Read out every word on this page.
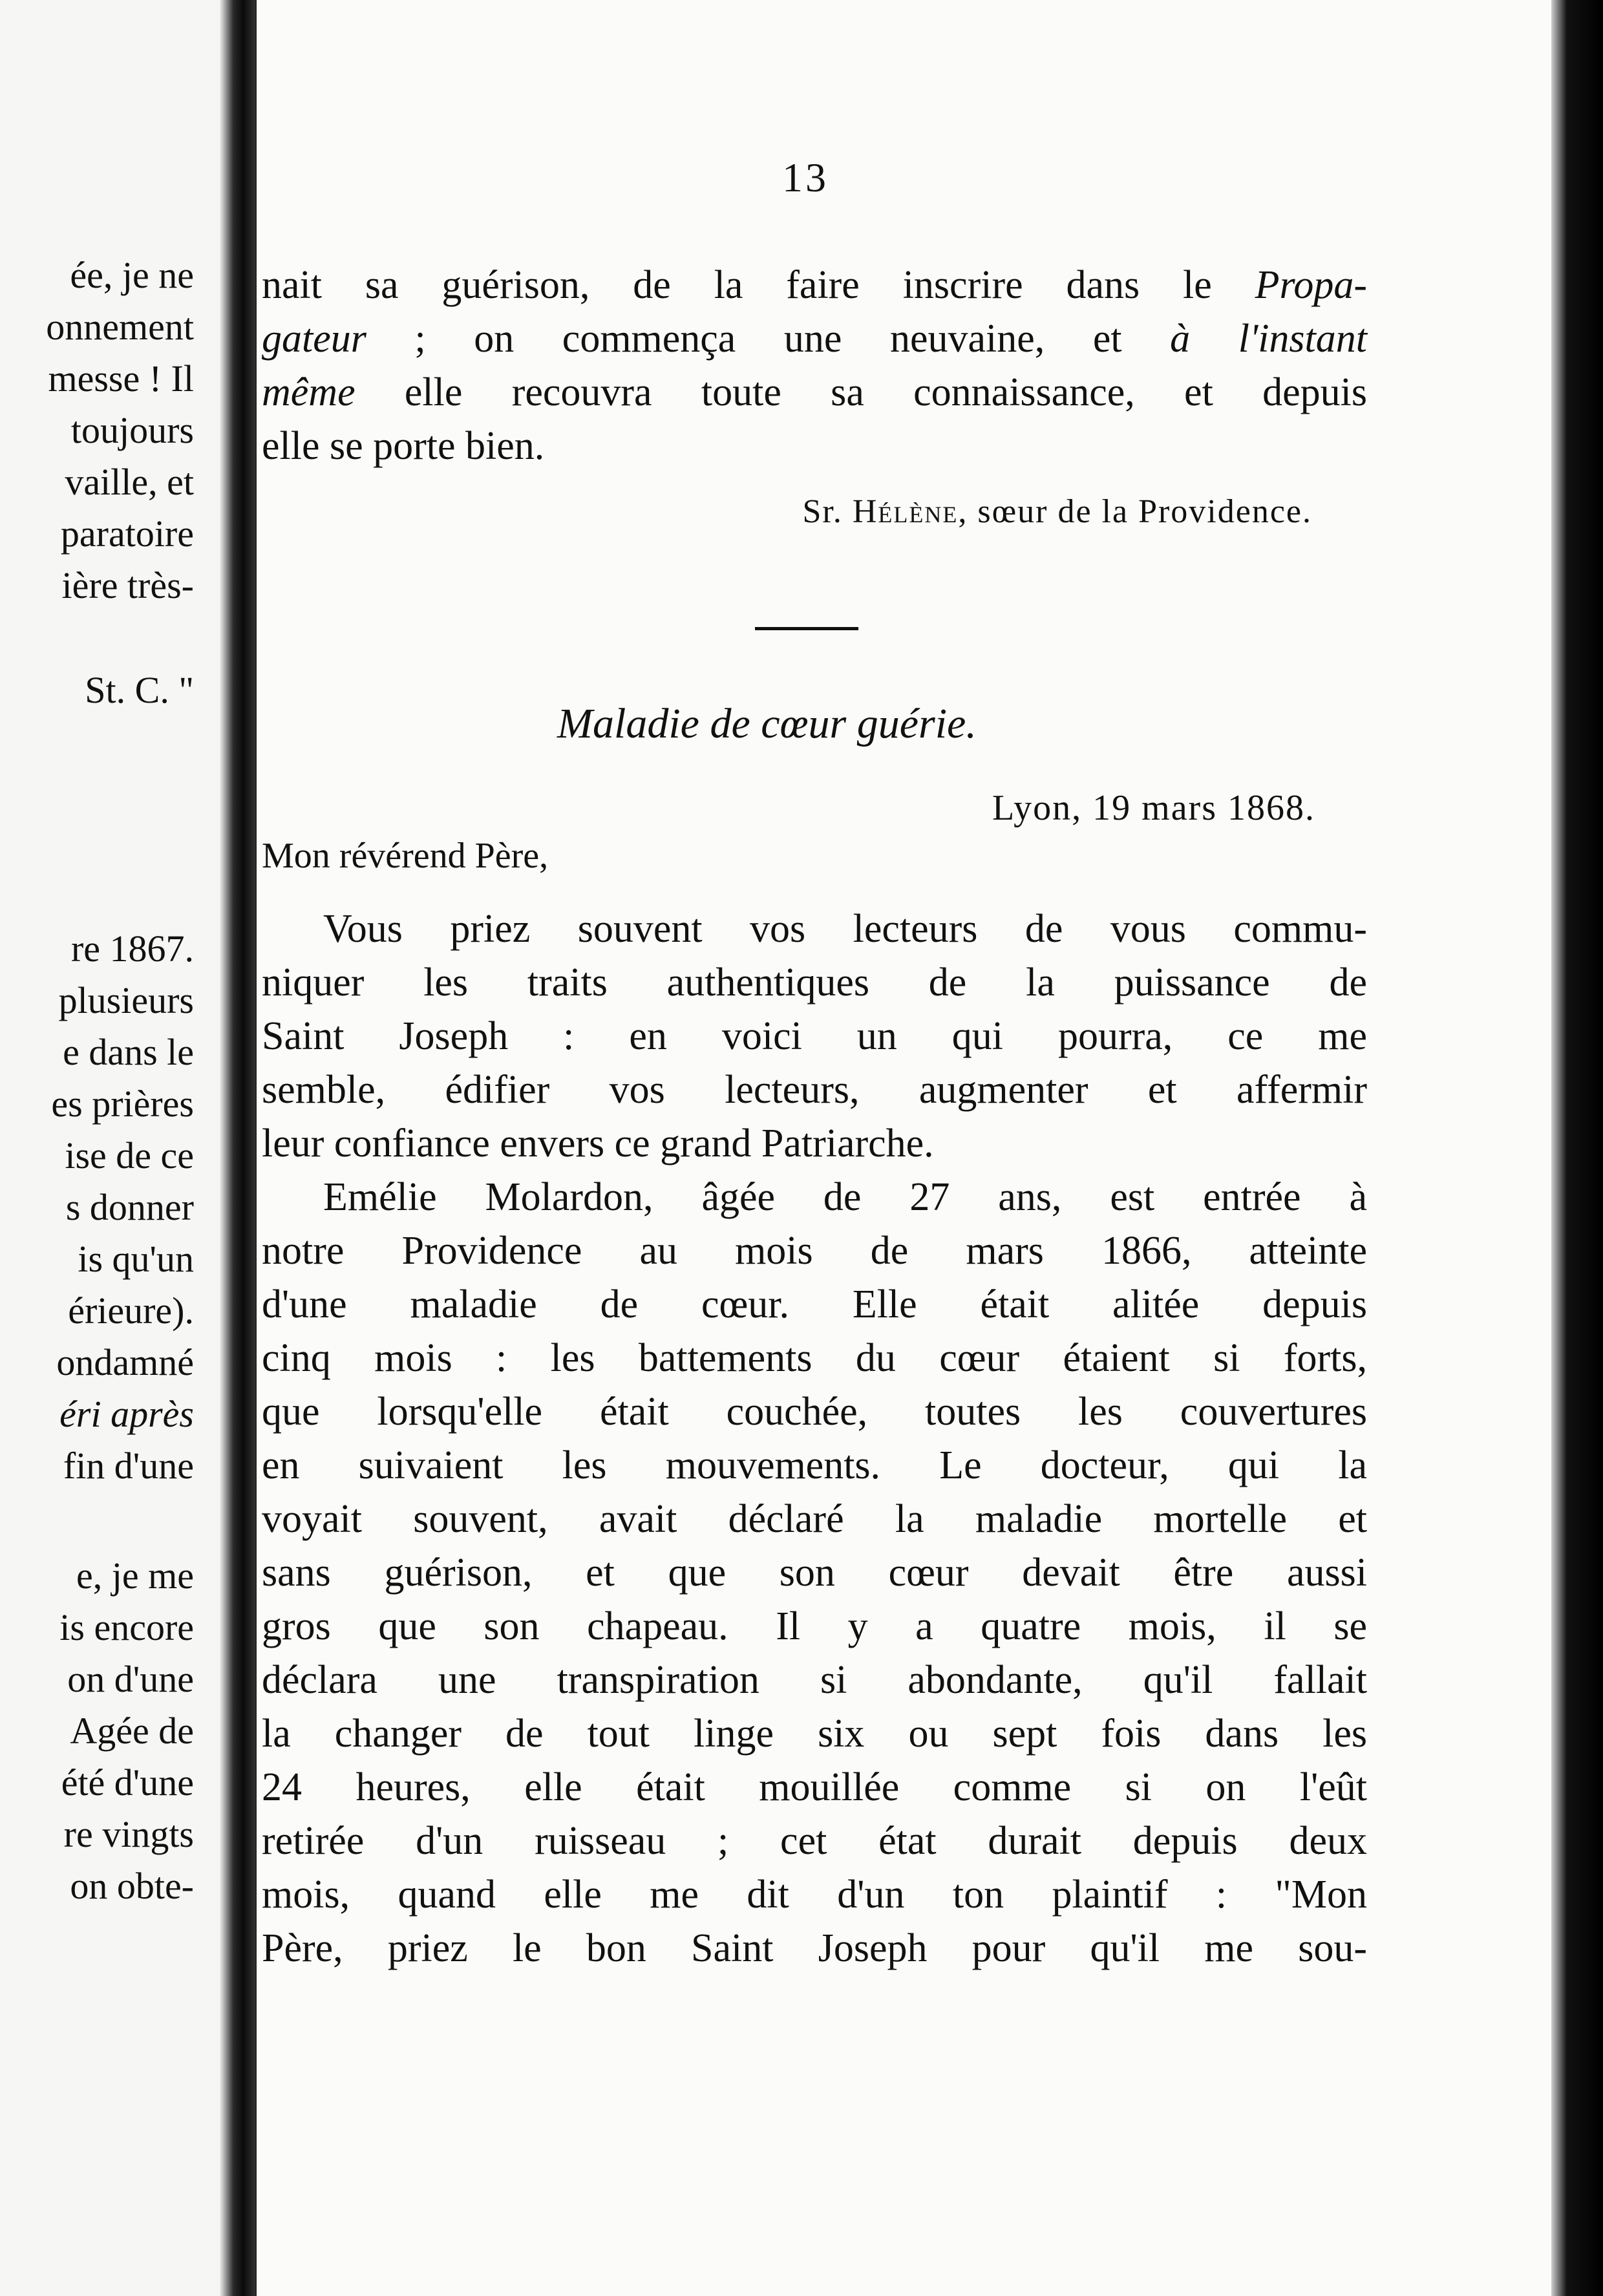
ée, je ne
onnement
messe ! Il
toujours
vaille, et
paratoire
ière très-
St. C. "
re 1867.
plusieurs
e dans le
es prières
ise de ce
s donner
is qu'un
érieure).
ondamné
éri après
fin d'une
e, je me
is encore
on d'une
Agée de
été d'une
re vingts
on obte-
13
nait sa guérison, de la faire inscrire dans le Propa-
gateur ; on commença une neuvaine, et à l'instant
même elle recouvra toute sa connaissance, et depuis
elle se porte bien.
Sr. Hélène, sœur de la Providence.
Maladie de cœur guérie.
Lyon, 19 mars 1868.
Mon révérend Père,
Vous priez souvent vos lecteurs de vous commu-
niquer les traits authentiques de la puissance de
Saint Joseph : en voici un qui pourra, ce me
semble, édifier vos lecteurs, augmenter et affermir
leur confiance envers ce grand Patriarche.
Emélie Molardon, âgée de 27 ans, est entrée à
notre Providence au mois de mars 1866, atteinte
d'une maladie de cœur. Elle était alitée depuis
cinq mois : les battements du cœur étaient si forts,
que lorsqu'elle était couchée, toutes les couvertures
en suivaient les mouvements. Le docteur, qui la
voyait souvent, avait déclaré la maladie mortelle et
sans guérison, et que son cœur devait être aussi
gros que son chapeau. Il y a quatre mois, il se
déclara une transpiration si abondante, qu'il fallait
la changer de tout linge six ou sept fois dans les
24 heures, elle était mouillée comme si on l'eût
retirée d'un ruisseau ; cet état durait depuis deux
mois, quand elle me dit d'un ton plaintif : "Mon
Père, priez le bon Saint Joseph pour qu'il me sou-
